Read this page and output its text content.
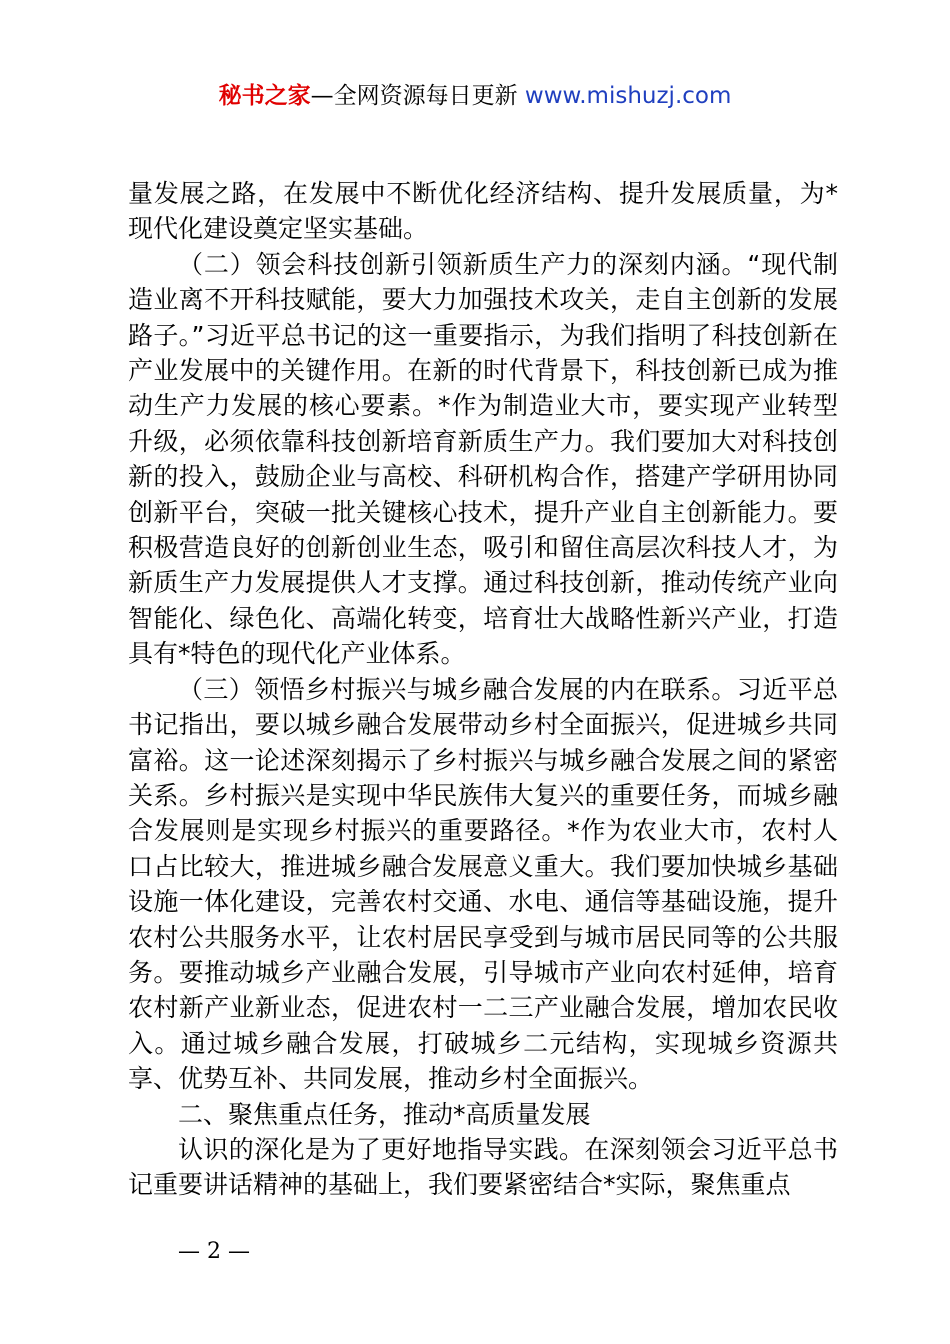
秘书之家—全网资源每日更新 www.mishuzj.com

量发展之路，在发展中不断优化经济结构、提升发展质量，为*现代化建设奠定坚实基础。

（二）领会科技创新引领新质生产力的深刻内涵。“现代制造业离不开科技赋能，要大力加强技术攻关，走自主创新的发展路子。”习近平总书记的这一重要指示，为我们指明了科技创新在产业发展中的关键作用。在新的时代背景下，科技创新已成为推动生产力发展的核心要素。*作为制造业大市，要实现产业转型升级，必须依靠科技创新培育新质生产力。我们要加大对科技创新的投入，鼓励企业与高校、科研机构合作，搭建产学研用协同创新平台，突破一批关键核心技术，提升产业自主创新能力。要积极营造良好的创新创业生态，吸引和留住高层次科技人才，为新质生产力发展提供人才支撑。通过科技创新，推动传统产业向智能化、绿色化、高端化转变，培育壮大战略性新兴产业，打造具有*特色的现代化产业体系。

（三）领悟乡村振兴与城乡融合发展的内在联系。习近平总书记指出，要以城乡融合发展带动乡村全面振兴，促进城乡共同富裕。这一论述深刻揭示了乡村振兴与城乡融合发展之间的紧密关系。乡村振兴是实现中华民族伟大复兴的重要任务，而城乡融合发展则是实现乡村振兴的重要路径。*作为农业大市，农村人口占比较大，推进城乡融合发展意义重大。我们要加快城乡基础设施一体化建设，完善农村交通、水电、通信等基础设施，提升农村公共服务水平，让农村居民享受到与城市居民同等的公共服务。要推动城乡产业融合发展，引导城市产业向农村延伸，培育农村新产业新业态，促进农村一二三产业融合发展，增加农民收入。通过城乡融合发展，打破城乡二元结构，实现城乡资源共享、优势互补、共同发展，推动乡村全面振兴。

二、聚焦重点任务，推动*高质量发展

认识的深化是为了更好地指导实践。在深刻领会习近平总书记重要讲话精神的基础上，我们要紧密结合*实际，聚焦重点

— 2 —
